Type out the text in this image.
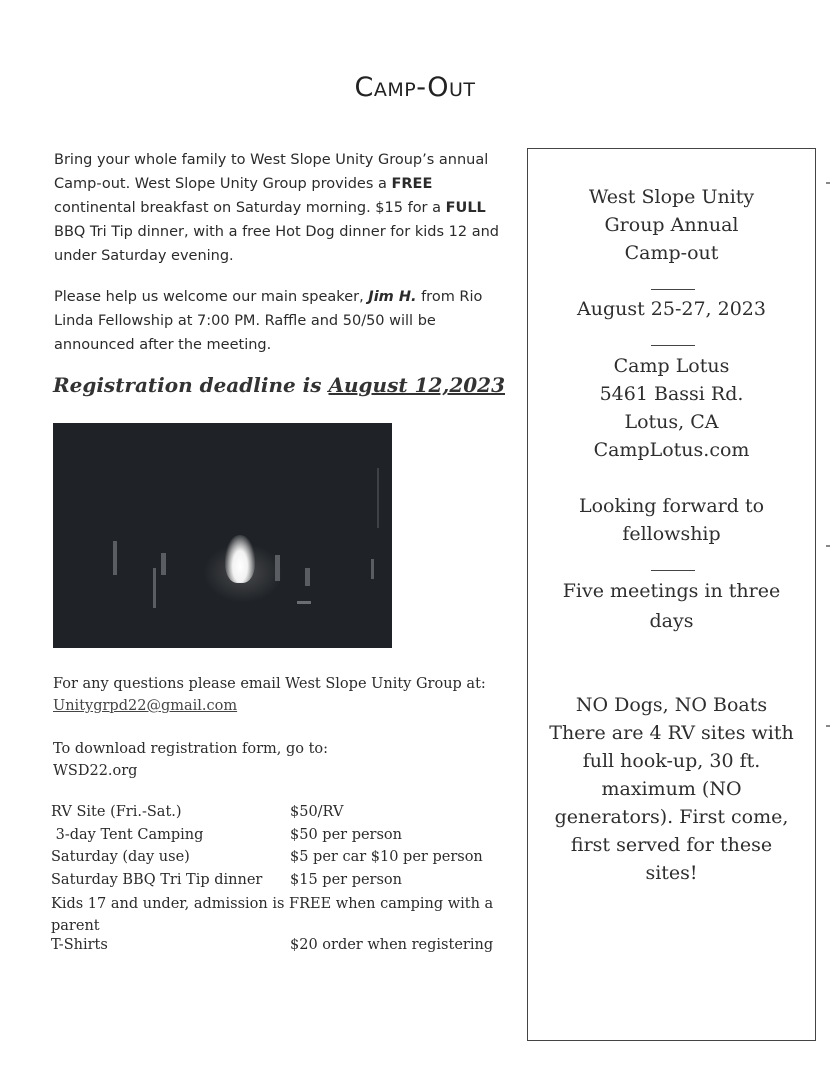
Camp-Out
Bring your whole family to West Slope Unity Group’s annual Camp-out. West Slope Unity Group provides a FREE continental breakfast on Saturday morning. $15 for a FULL BBQ Tri Tip dinner, with a free Hot Dog dinner for kids 12 and under Saturday evening.
Please help us welcome our main speaker, Jim H. from Rio Linda Fellowship at 7:00 PM. Raffle and 50/50 will be announced after the meeting.
Registration deadline is August 12,2023
For any questions please email West Slope Unity Group at: Unitygrpd22@gmail.com
To download registration form, go to:
WSD22.org
RV Site (Fri.-Sat.)	$50/RV
3-day Tent Camping	$50 per person
Saturday (day use)	$5 per car $10 per person
Saturday BBQ Tri Tip dinner $15 per person
Kids 17 and under, admission is FREE when camping with a parent
T-Shirts	$20 order when registering
West Slope Unity
Group Annual
Camp-out
August 25-27, 2023
Camp Lotus
5461 Bassi Rd.
Lotus, CA
CampLotus.com
Looking forward to
fellowship
Five meetings in three
days
NO Dogs, NO Boats
There are 4 RV sites with
full hook-up, 30 ft.
maximum (NO
generators). First come,
first served for these
sites!
